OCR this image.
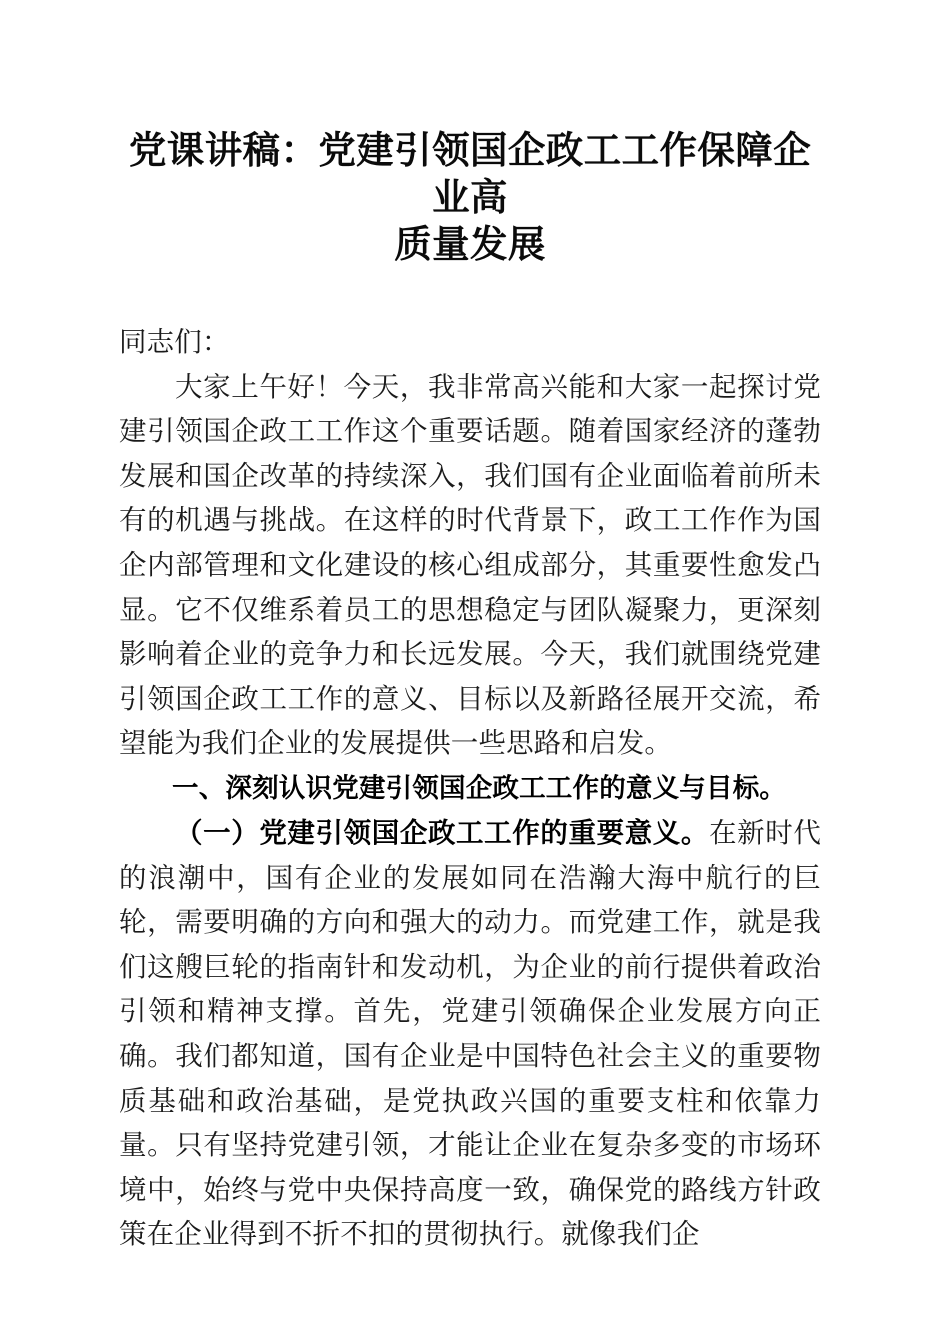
党课讲稿：党建引领国企政工工作保障企业高
质量发展

同志们：

大家上午好！今天，我非常高兴能和大家一起探讨党建引领国企政工工作这个重要话题。随着国家经济的蓬勃发展和国企改革的持续深入，我们国有企业面临着前所未有的机遇与挑战。在这样的时代背景下，政工工作作为国企内部管理和文化建设的核心组成部分，其重要性愈发凸显。它不仅维系着员工的思想稳定与团队凝聚力，更深刻影响着企业的竞争力和长远发展。今天，我们就围绕党建引领国企政工工作的意义、目标以及新路径展开交流，希望能为我们企业的发展提供一些思路和启发。

一、深刻认识党建引领国企政工工作的意义与目标。

（一）党建引领国企政工工作的重要意义。在新时代的浪潮中，国有企业的发展如同在浩瀚大海中航行的巨轮，需要明确的方向和强大的动力。而党建工作，就是我们这艘巨轮的指南针和发动机，为企业的前行提供着政治引领和精神支撑。首先，党建引领确保企业发展方向正确。我们都知道，国有企业是中国特色社会主义的重要物质基础和政治基础，是党执政兴国的重要支柱和依靠力量。只有坚持党建引领，才能让企业在复杂多变的市场环境中，始终与党中央保持高度一致，确保党的路线方针政策在企业得到不折不扣的贯彻执行。就像我们企
